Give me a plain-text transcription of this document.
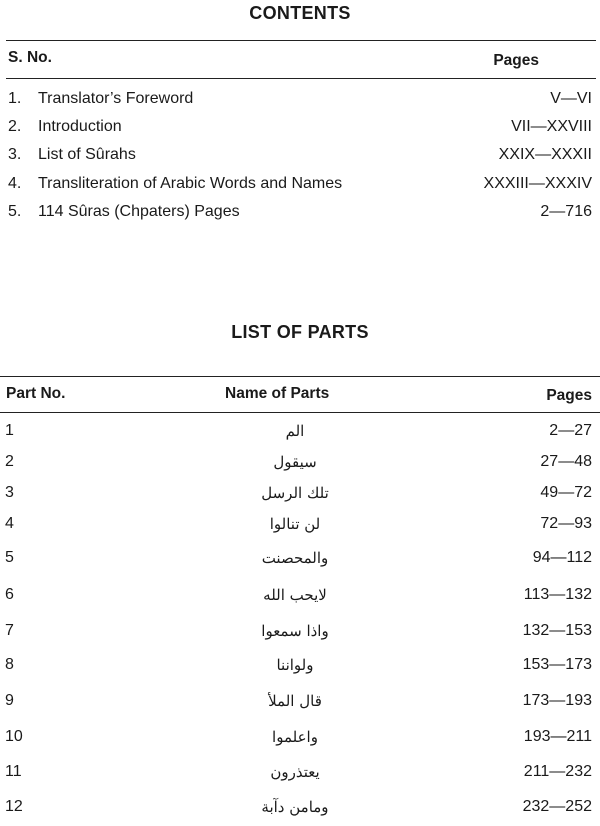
CONTENTS
S. No.	Pages
1. Translator’s Foreword	V—VI
2. Introduction	VII—XXVIII
3. List of Sûrahs	XXIX—XXXII
4. Transliteration of Arabic Words and Names	XXXIII—XXXIV
5. 114 Sûras (Chpaters) Pages	2—716
LIST OF PARTS
Part No.	Name of Parts	Pages
1	الم	2—27
2	سيقول	27—48
3	تلك الرسل	49—72
4	لن تنالوا	72—93
5	والمحصنت	94—112
6	لايحب الله	113—132
7	واذا سمعوا	132—153
8	ولواننا	153—173
9	قال الملأ	173—193
10	واعلموا	193—211
11	يعتذرون	211—232
12	ومامن دآبة	232—252
